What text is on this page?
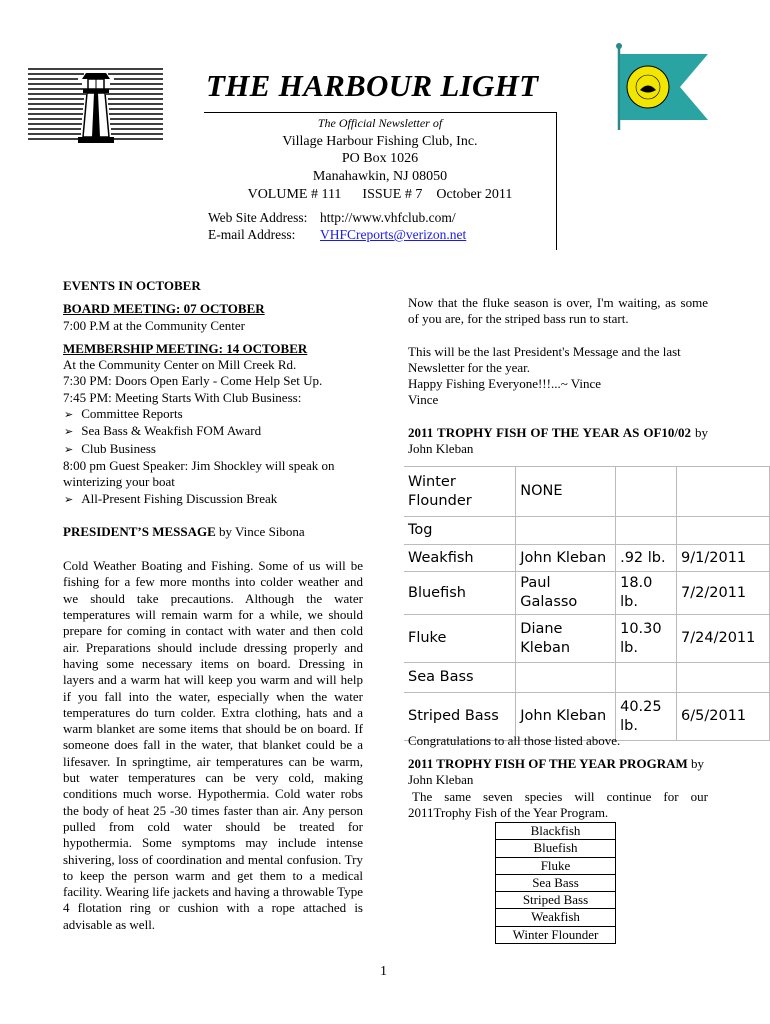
THE HARBOUR LIGHT
The Official Newsletter of
Village Harbour Fishing Club, Inc.
PO Box 1026
Manahawkin, NJ 08050
VOLUME # 111 ISSUE # 7 October 2011
Web Site Address: http://www.vhfclub.com/
E-mail Address: VHFCreports@verizon.net
EVENTS IN OCTOBER
BOARD MEETING: 07 OCTOBER
7:00 P.M at the Community Center
MEMBERSHIP MEETING: 14 OCTOBER
At the Community Center on Mill Creek Rd.
7:30 PM: Doors Open Early - Come Help Set Up.
7:45 PM: Meeting Starts With Club Business:
➢ Committee Reports
➢ Sea Bass & Weakfish FOM Award
➢ Club Business
8:00 pm Guest Speaker: Jim Shockley will speak on winterizing your boat
➢ All-Present Fishing Discussion Break
PRESIDENT’S MESSAGE by Vince Sibona
Cold Weather Boating and Fishing. Some of us will be fishing for a few more months into colder weather and we should take precautions. Although the water temperatures will remain warm for a while, we should prepare for coming in contact with water and then cold air. Preparations should include dressing properly and having some necessary items on board. Dressing in layers and a warm hat will keep you warm and will help if you fall into the water, especially when the water temperatures do turn colder. Extra clothing, hats and a warm blanket are some items that should be on board. If someone does fall in the water, that blanket could be a lifesaver. In springtime, air temperatures can be warm, but water temperatures can be very cold, making conditions much worse. Hypothermia. Cold water robs the body of heat 25 -30 times faster than air. Any person pulled from cold water should be treated for hypothermia. Some symptoms may include intense shivering, loss of coordination and mental confusion. Try to keep the person warm and get them to a medical facility. Wearing life jackets and having a throwable Type 4 flotation ring or cushion with a rope attached is advisable as well.
Now that the fluke season is over, I'm waiting, as some of you are, for the striped bass run to start.
This will be the last President's Message and the last Newsletter for the year.
Happy Fishing Everyone!!!...~ Vince
Vince
2011 TROPHY FISH OF THE YEAR AS OF10/02 by John Kleban
Winter Flounder	NONE		
Tog			
Weakfish	John Kleban	.92 lb.	9/1/2011
Bluefish	Paul Galasso	18.0 lb.	7/2/2011
Fluke	Diane Kleban	10.30 lb.	7/24/2011
Sea Bass			
Striped Bass	John Kleban	40.25 lb.	6/5/2011
Congratulations to all those listed above.
2011 TROPHY FISH OF THE YEAR PROGRAM by John Kleban
The same seven species will continue for our 2011Trophy Fish of the Year Program.
Blackfish
Bluefish
Fluke
Sea Bass
Striped Bass
Weakfish
Winter Flounder
1
